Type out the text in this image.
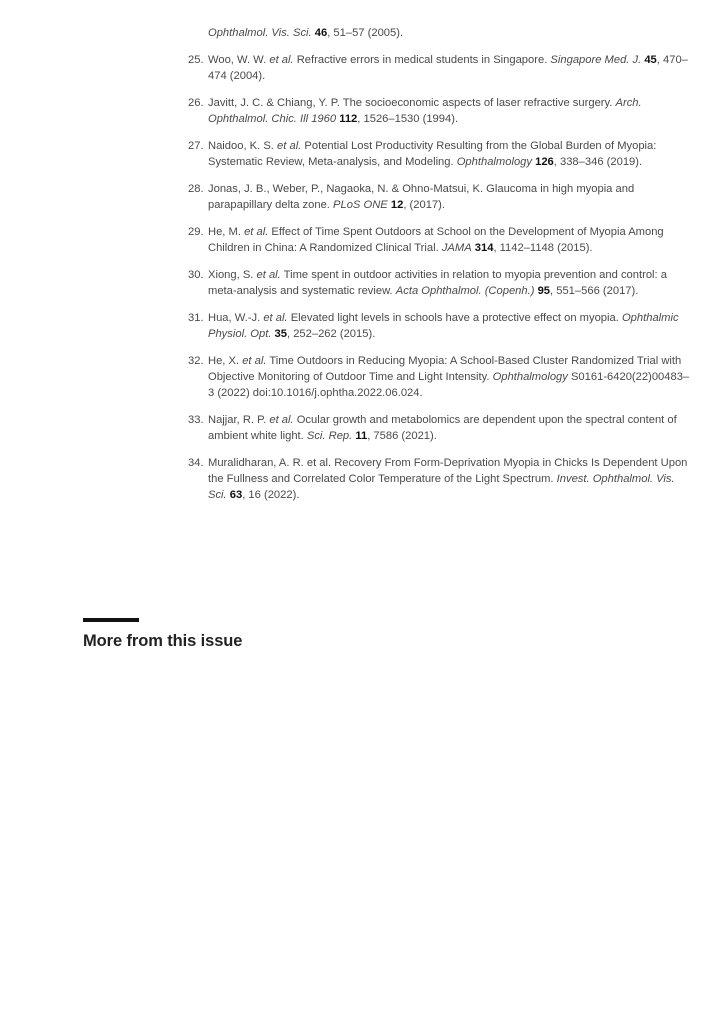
Ophthalmol. Vis. Sci. 46, 51–57 (2005).
25. Woo, W. W. et al. Refractive errors in medical students in Singapore. Singapore Med. J. 45, 470–474 (2004).
26. Javitt, J. C. & Chiang, Y. P. The socioeconomic aspects of laser refractive surgery. Arch. Ophthalmol. Chic. Ill 1960 112, 1526–1530 (1994).
27. Naidoo, K. S. et al. Potential Lost Productivity Resulting from the Global Burden of Myopia: Systematic Review, Meta-analysis, and Modeling. Ophthalmology 126, 338–346 (2019).
28. Jonas, J. B., Weber, P., Nagaoka, N. & Ohno-Matsui, K. Glaucoma in high myopia and parapapillary delta zone. PLoS ONE 12, (2017).
29. He, M. et al. Effect of Time Spent Outdoors at School on the Development of Myopia Among Children in China: A Randomized Clinical Trial. JAMA 314, 1142–1148 (2015).
30. Xiong, S. et al. Time spent in outdoor activities in relation to myopia prevention and control: a meta-analysis and systematic review. Acta Ophthalmol. (Copenh.) 95, 551–566 (2017).
31. Hua, W.-J. et al. Elevated light levels in schools have a protective effect on myopia. Ophthalmic Physiol. Opt. 35, 252–262 (2015).
32. He, X. et al. Time Outdoors in Reducing Myopia: A School-Based Cluster Randomized Trial with Objective Monitoring of Outdoor Time and Light Intensity. Ophthalmology S0161-6420(22)00483–3 (2022) doi:10.1016/j.ophtha.2022.06.024.
33. Najjar, R. P. et al. Ocular growth and metabolomics are dependent upon the spectral content of ambient white light. Sci. Rep. 11, 7586 (2021).
34. Muralidharan, A. R. et al. Recovery From Form-Deprivation Myopia in Chicks Is Dependent Upon the Fullness and Correlated Color Temperature of the Light Spectrum. Invest. Ophthalmol. Vis. Sci. 63, 16 (2022).
More from this issue
